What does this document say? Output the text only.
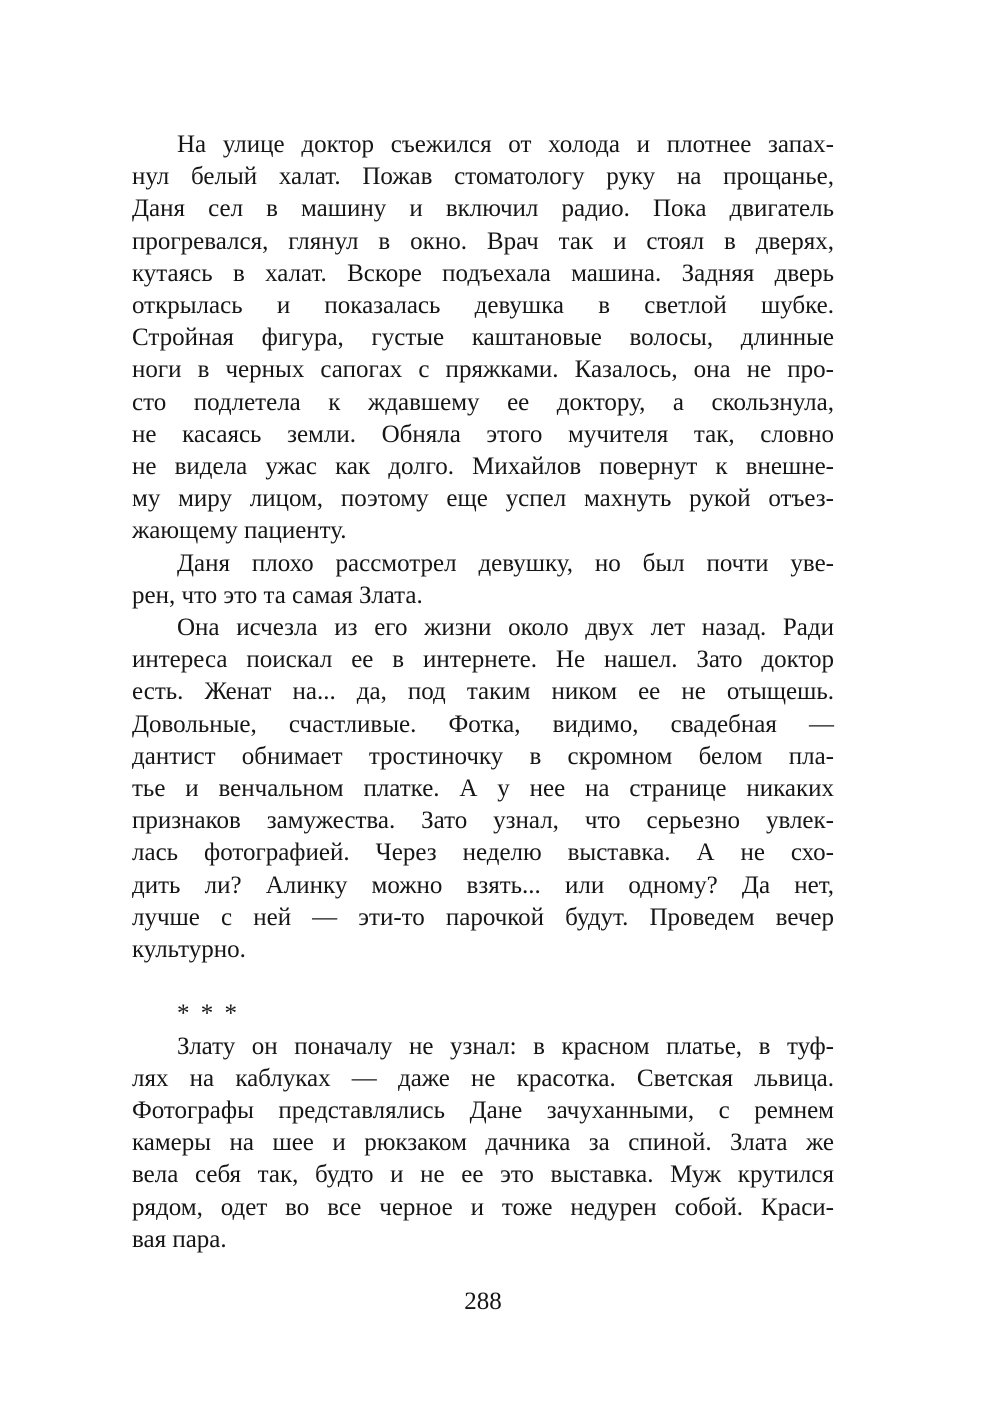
На улице доктор съежился от холода и плотнее запах-
нул белый халат. Пожав стоматологу руку на прощанье,
Даня сел в машину и включил радио. Пока двигатель
прогревался, глянул в окно. Врач так и стоял в дверях,
кутаясь в халат. Вскоре подъехала машина. Задняя дверь
открылась и показалась девушка в светлой шубке.
Стройная фигура, густые каштановые волосы, длинные
ноги в черных сапогах с пряжками. Казалось, она не про-
сто подлетела к ждавшему ее доктору, а скользнула,
не касаясь земли. Обняла этого мучителя так, словно
не видела ужас как долго. Михайлов повернут к внешне-
му миру лицом, поэтому еще успел махнуть рукой отъез-
жающему пациенту.
Даня плохо рассмотрел девушку, но был почти уве-
рен, что это та самая Злата.
Она исчезла из его жизни около двух лет назад. Ради
интереса поискал ее в интернете. Не нашел. Зато доктор
есть. Женат на... да, под таким ником ее не отыщешь.
Довольные, счастливые. Фотка, видимо, свадебная —
дантист обнимает тростиночку в скромном белом пла-
тье и венчальном платке. А у нее на странице никаких
признаков замужества. Зато узнал, что серьезно увлек-
лась фотографией. Через неделю выставка. А не схо-
дить ли? Алинку можно взять... или одному? Да нет,
лучше с ней — эти-то парочкой будут. Проведем вечер
культурно.
* * *
Злату он поначалу не узнал: в красном платье, в туф-
лях на каблуках — даже не красотка. Светская львица.
Фотографы представлялись Дане зачуханными, с ремнем
камеры на шее и рюкзаком дачника за спиной. Злата же
вела себя так, будто и не ее это выставка. Муж крутился
рядом, одет во все черное и тоже недурен собой. Краси-
вая пара.
288
